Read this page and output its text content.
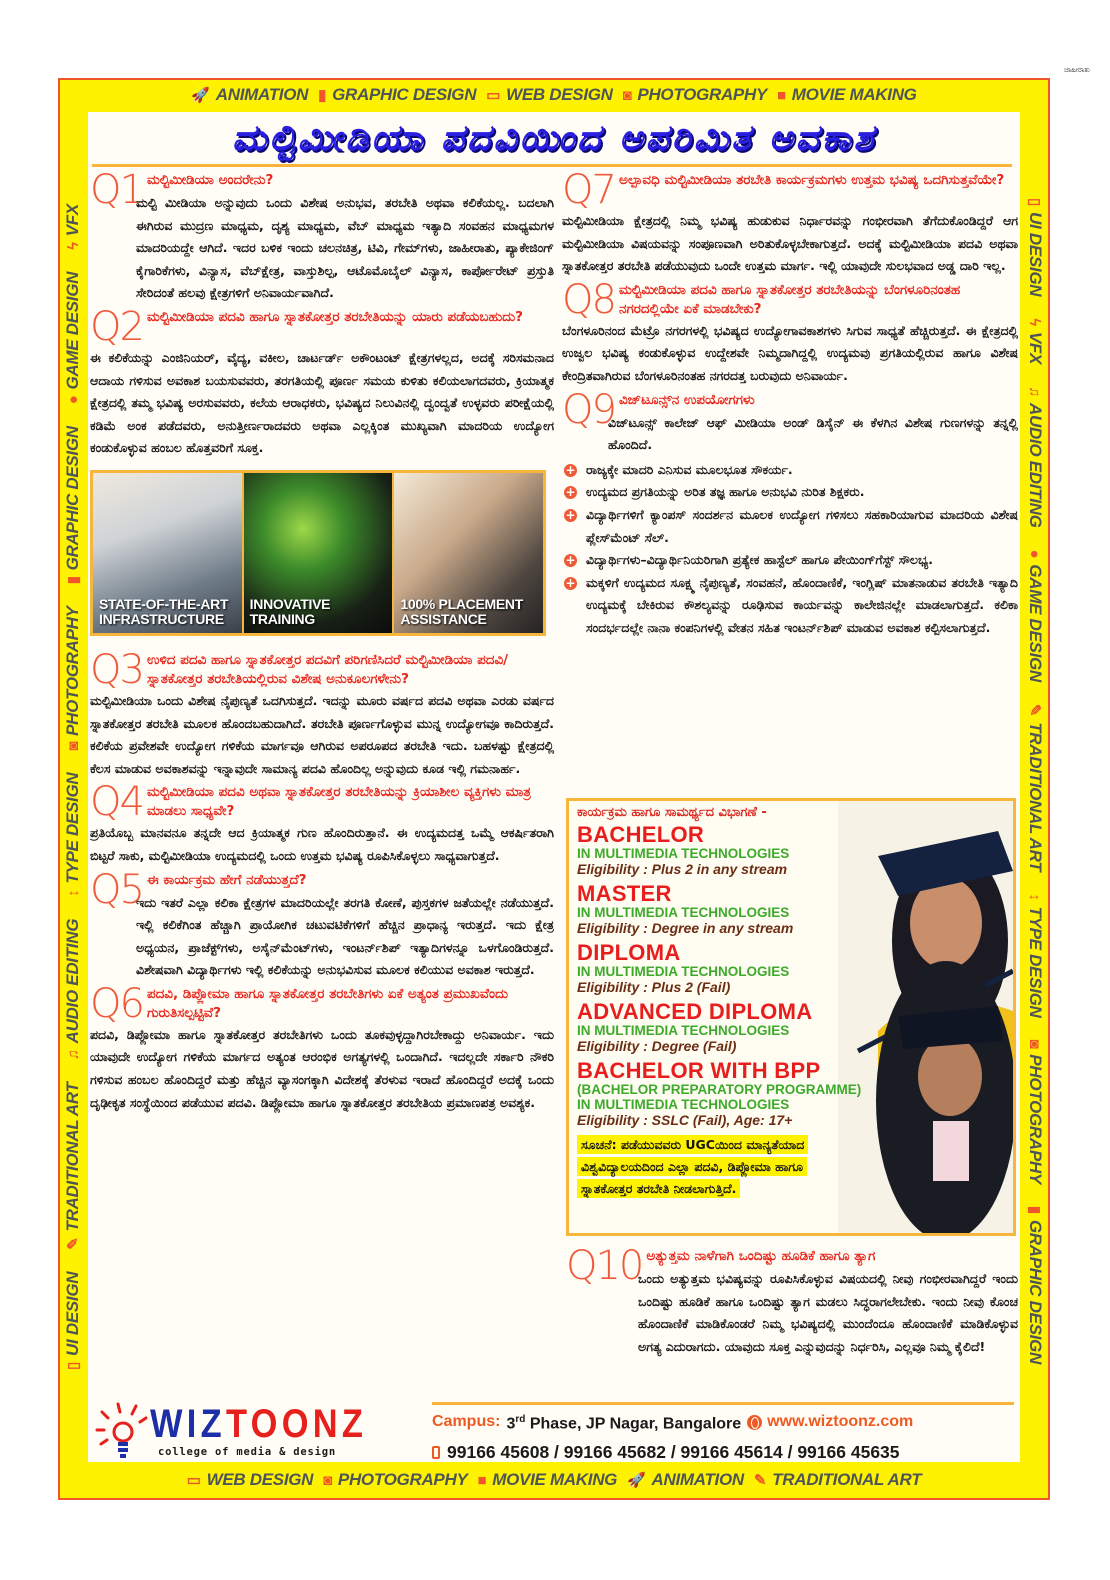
ಜಾಹೀರಾತು
🚀 ANIMATION ▮ GRAPHIC DESIGN ▭ WEB DESIGN ◙ PHOTOGRAPHY ■ MOVIE MAKING
▯
UI DESIGN
✎
TRADITIONAL ART
♫
AUDIO EDITING
↕
TYPE DESIGN
◙
PHOTOGRAPHY
▮
GRAPHIC DESIGN
●
GAME DESIGN
ϟ
VFX
▯
UI DESIGN
ϟ
VFX
♫
AUDIO EDITING
●
GAME DESIGN
✎
TRADITIONAL ART
↕
TYPE DESIGN
◙
PHOTOGRAPHY
▮
GRAPHIC DESIGN
▭ WEB DESIGN ◙ PHOTOGRAPHY ■ MOVIE MAKING 🚀 ANIMATION ✎ TRADITIONAL ART
ಮಲ್ಟಿಮೀಡಿಯಾ ಪದವಿಯಿಂದ ಅಪರಿಮಿತ ಅವಕಾಶ
Q1 ಮಲ್ಟಿಮೀಡಿಯಾ ಅಂದರೇನು?

ಮಲ್ಟಿ ಮೀಡಿಯಾ ಅನ್ನುವುದು ಒಂದು ವಿಶೇಷ ಅನುಭವ, ತರಬೇತಿ ಅಥವಾ ಕಲಿಕೆಯಲ್ಲ. ಬದಲಾಗಿ ಈಗಿರುವ ಮುದ್ರಣ ಮಾಧ್ಯಮ, ದೃಶ್ಯ ಮಾಧ್ಯಮ, ವೆಬ್ ಮಾಧ್ಯಮ ಇತ್ಯಾದಿ ಸಂವಹನ ಮಾಧ್ಯಮಗಳ ಮಾದರಿಯದ್ದೇ ಆಗಿದೆ. ಇದರ ಬಳಿಕ ಇಂದು ಚಲನಚಿತ್ರ, ಟಿವಿ, ಗೇಮ್‌ಗಳು, ಜಾಹೀರಾತು, ಪ್ಯಾಕೇಜಿಂಗ್ ಕೈಗಾರಿಕೆಗಳು, ವಿನ್ಯಾಸ, ವೆಬ್‌ಕ್ಷೇತ್ರ, ವಾಸ್ತುಶಿಲ್ಪ, ಆಟೊಮೊಬೈಲ್ ವಿನ್ಯಾಸ, ಕಾರ್ಪೋರೇಟ್ ಪ್ರಸ್ತುತಿ ಸೇರಿದಂತೆ ಹಲವು ಕ್ಷೇತ್ರಗಳಿಗೆ ಅನಿವಾರ್ಯವಾಗಿದೆ.

Q2 ಮಲ್ಟಿಮೀಡಿಯಾ ಪದವಿ ಹಾಗೂ ಸ್ನಾತಕೋತ್ತರ ತರಬೇತಿಯನ್ನು ಯಾರು ಪಡೆಯಬಹುದು?

ಈ ಕಲಿಕೆಯನ್ನು ಎಂಜಿನಿಯರ್, ವೈದ್ಯ, ವಕೀಲ, ಚಾರ್ಟರ್ಡ್ ಅಕೌಂಟಂಟ್ ಕ್ಷೇತ್ರಗಳಲ್ಲದ, ಅದಕ್ಕೆ ಸರಿಸಮನಾದ ಆದಾಯ ಗಳಿಸುವ ಅವಕಾಶ ಬಯಸುವವರು, ತರಗತಿಯಲ್ಲಿ ಪೂರ್ಣ ಸಮಯ ಕುಳಿತು ಕಲಿಯಲಾಗದವರು, ಕ್ರಿಯಾತ್ಮಕ ಕ್ಷೇತ್ರದಲ್ಲಿ ತಮ್ಮ ಭವಿಷ್ಯ ಅರಸುವವರು, ಕಲೆಯ ಆರಾಧಕರು, ಭವಿಷ್ಯದ ನಿಲುವಿನಲ್ಲಿ ದ್ವಂದ್ವತೆ ಉಳ್ಳವರು ಪರೀಕ್ಷೆಯಲ್ಲಿ ಕಡಿಮೆ ಅಂಕ ಪಡೆದವರು, ಅನುತ್ತೀರ್ಣರಾದವರು ಅಥವಾ ಎಲ್ಲಕ್ಕಿಂತ ಮುಖ್ಯವಾಗಿ ಮಾದರಿಯ ಉದ್ಯೋಗ ಕಂಡುಕೊಳ್ಳುವ ಹಂಬಲ ಹೊತ್ತವರಿಗೆ ಸೂಕ್ತ.

STATE-OF-THE-ART
INFRASTRUCTURE
INNOVATIVE
TRAINING
100% PLACEMENT
ASSISTANCE
Q3 ಉಳಿದ ಪದವಿ ಹಾಗೂ ಸ್ನಾತಕೋತ್ತರ ಪದವಿಗೆ ಪರಿಗಣಿಸಿದರೆ ಮಲ್ಟಿಮೀಡಿಯಾ ಪದವಿ/ಸ್ನಾತಕೋತ್ತರ ತರಬೇತಿಯಲ್ಲಿರುವ ವಿಶೇಷ ಅನುಕೂಲಗಳೇನು?

ಮಲ್ಟಿಮೀಡಿಯಾ ಒಂದು ವಿಶೇಷ ನೈಪುಣ್ಯತೆ ಒದಗಿಸುತ್ತದೆ. ಇದನ್ನು ಮೂರು ವರ್ಷದ ಪದವಿ ಅಥವಾ ಎರಡು ವರ್ಷದ ಸ್ನಾತಕೋತ್ತರ ತರಬೇತಿ ಮೂಲಕ ಹೊಂದಬಹುದಾಗಿದೆ. ತರಬೇತಿ ಪೂರ್ಣಗೊಳ್ಳುವ ಮುನ್ನ ಉದ್ಯೋಗವೂ ಕಾದಿರುತ್ತದೆ. ಕಲಿಕೆಯ ಪ್ರವೇಶವೇ ಉದ್ಯೋಗ ಗಳಿಕೆಯ ಮಾರ್ಗವೂ ಆಗಿರುವ ಅಪರೂಪದ ತರಬೇತಿ ಇದು. ಬಹಳಷ್ಟು ಕ್ಷೇತ್ರದಲ್ಲಿ ಕೆಲಸ ಮಾಡುವ ಅವಕಾಶವನ್ನು ಇನ್ನಾವುದೇ ಸಾಮಾನ್ಯ ಪದವಿ ಹೊಂದಿಲ್ಲ ಅನ್ನುವುದು ಕೂಡ ಇಲ್ಲಿ ಗಮನಾರ್ಹ.

Q4 ಮಲ್ಟಿಮೀಡಿಯಾ ಪದವಿ ಅಥವಾ ಸ್ನಾತಕೋತ್ತರ ತರಬೇತಿಯನ್ನು ಕ್ರಿಯಾಶೀಲ ವ್ಯಕ್ತಿಗಳು ಮಾತ್ರ ಮಾಡಲು ಸಾಧ್ಯವೇ?

ಪ್ರತಿಯೊಬ್ಬ ಮಾನವನೂ ತನ್ನದೇ ಆದ ಕ್ರಿಯಾತ್ಮಕ ಗುಣ ಹೊಂದಿರುತ್ತಾನೆ. ಈ ಉದ್ಯಮದತ್ತ ಒಮ್ಮೆ ಆಕರ್ಷಿತರಾಗಿ ಬಿಟ್ಟರೆ ಸಾಕು, ಮಲ್ಟಿಮೀಡಿಯಾ ಉದ್ಯಮದಲ್ಲಿ ಒಂದು ಉತ್ತಮ ಭವಿಷ್ಯ ರೂಪಿಸಿಕೊಳ್ಳಲು ಸಾಧ್ಯವಾಗುತ್ತದೆ.

Q5 ಈ ಕಾರ್ಯಕ್ರಮ ಹೇಗೆ ನಡೆಯುತ್ತದೆ?

ಇದು ಇತರೆ ಎಲ್ಲಾ ಕಲಿಕಾ ಕ್ಷೇತ್ರಗಳ ಮಾದರಿಯಲ್ಲೇ ತರಗತಿ ಕೋಣೆ, ಪುಸ್ತಕಗಳ ಜತೆಯಲ್ಲೇ ನಡೆಯುತ್ತದೆ. ಇಲ್ಲಿ ಕಲಿಕೆಗಿಂತ ಹೆಚ್ಚಾಗಿ ಪ್ರಾಯೋಗಿಕ ಚಟುವಟಿಕೆಗಳಿಗೆ ಹೆಚ್ಚಿನ ಪ್ರಾಧಾನ್ಯ ಇರುತ್ತದೆ. ಇದು ಕ್ಷೇತ್ರ ಅಧ್ಯಯನ, ಪ್ರಾಜೆಕ್ಟ್‌ಗಳು, ಅಸೈನ್‌ಮೆಂಟ್‌ಗಳು, ಇಂಟರ್ನ್‌ಶಿಪ್ ಇತ್ಯಾದಿಗಳನ್ನೂ ಒಳಗೊಂಡಿರುತ್ತದೆ. ವಿಶೇಷವಾಗಿ ವಿದ್ಯಾರ್ಥಿಗಳು ಇಲ್ಲಿ ಕಲಿಕೆಯನ್ನು ಅನುಭವಿಸುವ ಮೂಲಕ ಕಲಿಯುವ ಅವಕಾಶ ಇರುತ್ತದೆ.

Q6 ಪದವಿ, ಡಿಪ್ಲೋಮಾ ಹಾಗೂ ಸ್ನಾತಕೋತ್ತರ ತರಬೇತಿಗಳು ಏಕೆ ಅತ್ಯಂತ ಪ್ರಮುಖವೆಂದು ಗುರುತಿಸಲ್ಪಟ್ಟಿವೆ?

ಪದವಿ, ಡಿಪ್ಲೋಮಾ ಹಾಗೂ ಸ್ನಾತಕೋತ್ತರ ತರಬೇತಿಗಳು ಒಂದು ತೂಕವುಳ್ಳದ್ದಾಗಿರಬೇಕಾದ್ದು ಅನಿವಾರ್ಯ. ಇದು ಯಾವುದೇ ಉದ್ಯೋಗ ಗಳಿಕೆಯ ಮಾರ್ಗದ ಅತ್ಯಂತ ಆರಂಭಿಕ ಅಗತ್ಯಗಳಲ್ಲಿ ಒಂದಾಗಿದೆ. ಇದಲ್ಲದೇ ಸರ್ಕಾರಿ ನೌಕರಿ ಗಳಿಸುವ ಹಂಬಲ ಹೊಂದಿದ್ದರೆ ಮತ್ತು ಹೆಚ್ಚಿನ ವ್ಯಾಸಂಗಕ್ಕಾಗಿ ವಿದೇಶಕ್ಕೆ ತೆರಳುವ ಇರಾದೆ ಹೊಂದಿದ್ದರೆ ಅದಕ್ಕೆ ಒಂದು ದೃಢೀಕೃತ ಸಂಸ್ಥೆಯಿಂದ ಪಡೆಯುವ ಪದವಿ. ಡಿಪ್ಲೋಮಾ ಹಾಗೂ ಸ್ನಾತಕೋತ್ತರ ತರಬೇತಿಯ ಪ್ರಮಾಣಪತ್ರ ಅವಶ್ಯಕ.

Q7 ಅಲ್ಪಾವಧಿ ಮಲ್ಟಿಮೀಡಿಯಾ ತರಬೇತಿ ಕಾರ್ಯಕ್ರಮಗಳು ಉತ್ತಮ ಭವಿಷ್ಯ ಒದಗಿಸುತ್ತವೆಯೇ?

ಮಲ್ಟಿಮೀಡಿಯಾ ಕ್ಷೇತ್ರದಲ್ಲಿ ನಿಮ್ಮ ಭವಿಷ್ಯ ಹುಡುಕುವ ನಿರ್ಧಾರವನ್ನು ಗಂಭೀರವಾಗಿ ತೆಗೆದುಕೊಂಡಿದ್ದರೆ ಆಗ ಮಲ್ಟಿಮೀಡಿಯಾ ವಿಷಯವನ್ನು ಸಂಪೂಣವಾಗಿ ಅರಿತುಕೊಳ್ಳಬೇಕಾಗುತ್ತದೆ. ಅದಕ್ಕೆ ಮಲ್ಟಿಮೀಡಿಯಾ ಪದವಿ ಅಥವಾ ಸ್ನಾತಕೋತ್ತರ ತರಬೇತಿ ಪಡೆಯುವುದು ಒಂದೇ ಉತ್ತಮ ಮಾರ್ಗ. ಇಲ್ಲಿ ಯಾವುದೇ ಸುಲಭವಾದ ಅಡ್ಡ ದಾರಿ ಇಲ್ಲ.

Q8 ಮಲ್ಟಿಮೀಡಿಯಾ ಪದವಿ ಹಾಗೂ ಸ್ನಾತಕೋತ್ತರ ತರಬೇತಿಯನ್ನು ಬೆಂಗಳೂರಿನಂತಹ ನಗರದಲ್ಲಿಯೇ ಏಕೆ ಮಾಡಬೇಕು?

ಬೆಂಗಳೂರಿನಂದ ಮೆಟ್ರೊ ನಗರಗಳಲ್ಲಿ ಭವಿಷ್ಯದ ಉದ್ಯೋಗಾವಕಾಶಗಳು ಸಿಗುವ ಸಾಧ್ಯತೆ ಹೆಚ್ಚಿರುತ್ತದೆ. ಈ ಕ್ಷೇತ್ರದಲ್ಲಿ ಉಜ್ವಲ ಭವಿಷ್ಯ ಕಂಡುಕೊಳ್ಳುವ ಉದ್ದೇಶವೇ ನಿಮ್ಮದಾಗಿದ್ದಲ್ಲಿ ಉದ್ಯಮವು ಪ್ರಗತಿಯಲ್ಲಿರುವ ಹಾಗೂ ವಿಶೇಷ ಕೇಂದ್ರಿತವಾಗಿರುವ ಬೆಂಗಳೂರಿನಂತಹ ನಗರದತ್ತ ಬರುವುದು ಅನಿವಾರ್ಯ.

Q9 ವಿಜ್‌ಟೂನ್ಸ್‌ನ ಉಪಯೋಗಗಳು

ವಿಜ್‌ಟೂನ್ಸ್ ಕಾಲೇಜ್ ಆಫ್ ಮೀಡಿಯಾ ಅಂಡ್ ಡಿಸೈನ್ ಈ ಕೆಳಗಿನ ವಿಶೇಷ ಗುಣಗಳನ್ನು ತನ್ನಲ್ಲಿ ಹೊಂದಿದೆ.

+ ರಾಜ್ಯಕ್ಕೇ ಮಾದರಿ ಎನಿಸುವ ಮೂಲಭೂತ ಸೌಕರ್ಯ.
+ ಉದ್ಯಮದ ಪ್ರಗತಿಯನ್ನು ಅರಿತ ತಜ್ಞ ಹಾಗೂ ಅನುಭವಿ ನುರಿತ ಶಿಕ್ಷಕರು.
+ ವಿದ್ಯಾರ್ಥಿಗಳಿಗೆ ಕ್ಯಾಂಪಸ್ ಸಂದರ್ಶನ ಮೂಲಕ ಉದ್ಯೋಗ ಗಳಿಸಲು ಸಹಕಾರಿಯಾಗುವ ಮಾದರಿಯ ವಿಶೇಷ ಪ್ಲೇಸ್‌ಮೆಂಟ್ ಸೆಲ್.
+ ವಿದ್ಯಾರ್ಥಿಗಳು–ವಿದ್ಯಾರ್ಥಿನಿಯರಿಗಾಗಿ ಪ್ರತ್ಯೇಕ ಹಾಸ್ಟೆಲ್ ಹಾಗೂ ಪೇಯಿಂಗ್‌ಗೆಸ್ಟ್ ಸೌಲಭ್ಯ.
+ ಮಕ್ಕಳಿಗೆ ಉದ್ಯಮದ ಸೂಕ್ಷ್ಮ ನೈಪುಣ್ಯತೆ, ಸಂವಹನೆ, ಹೊಂದಾಣಿಕೆ, ಇಂಗ್ಲಿಷ್ ಮಾತನಾಡುವ ತರಬೇತಿ ಇತ್ಯಾದಿ ಉದ್ಯಮಕ್ಕೆ ಬೇಕಿರುವ ಕೌಶಲ್ಯವನ್ನು ರೂಢಿಸುವ ಕಾರ್ಯವನ್ನು ಕಾಲೇಜಿನಲ್ಲೇ ಮಾಡಲಾಗುತ್ತದೆ. ಕಲಿಕಾ ಸಂದರ್ಭದಲ್ಲೇ ನಾನಾ ಕಂಪನಿಗಳಲ್ಲಿ ವೇತನ ಸಹಿತ ಇಂಟರ್ನ್‌ಶಿಪ್ ಮಾಡುವ ಅವಕಾಶ ಕಲ್ಪಿಸಲಾಗುತ್ತದೆ.
ಕಾರ್ಯಕ್ರಮ ಹಾಗೂ ಸಾಮರ್ಥ್ಯದ ವಿಭಾಗಣೆ -
BACHELOR
IN MULTIMEDIA TECHNOLOGIES
Eligibility : Plus 2 in any stream
MASTER
IN MULTIMEDIA TECHNOLOGIES
Eligibility : Degree in any stream
DIPLOMA
IN MULTIMEDIA TECHNOLOGIES
Eligibility : Plus 2 (Fail)
ADVANCED DIPLOMA
IN MULTIMEDIA TECHNOLOGIES
Eligibility : Degree (Fail)
BACHELOR WITH BPP
(BACHELOR PREPARATORY PROGRAMME)
IN MULTIMEDIA TECHNOLOGIES
Eligibility : SSLC (Fail), Age: 17+
ಸೂಚನೆ: ಪಡೆಯುವವರು UGCಯಿಂದ ಮಾನ್ಯತೆಯಾದ
ವಿಶ್ವವಿದ್ಯಾಲಯದಿಂದ ಎಲ್ಲಾ ಪದವಿ, ಡಿಪ್ಲೋಮಾ ಹಾಗೂ
ಸ್ನಾತಕೋತ್ತರ ತರಬೇತಿ ನೀಡಲಾಗುತ್ತಿದೆ.
Q10 ಅತ್ಯುತ್ತಮ ನಾಳೆಗಾಗಿ ಒಂದಿಷ್ಟು ಹೂಡಿಕೆ ಹಾಗೂ ತ್ಯಾಗ

ಒಂದು ಅತ್ಯುತ್ತಮ ಭವಿಷ್ಯವನ್ನು ರೂಪಿಸಿಕೊಳ್ಳುವ ವಿಷಯದಲ್ಲಿ ನೀವು ಗಂಭೀರವಾಗಿದ್ದರೆ ಇಂದು ಒಂದಿಷ್ಟು ಹೂಡಿಕೆ ಹಾಗೂ ಒಂದಿಷ್ಟು ತ್ಯಾಗ ಮಡಲು ಸಿದ್ಧರಾಗಲೇಬೇಕು. ಇಂದು ನೀವು ಕೊಂಚ ಹೊಂದಾಣಿಕೆ ಮಾಡಿಕೊಂಡರೆ ನಿಮ್ಮ ಭವಿಷ್ಯದಲ್ಲಿ ಮುಂದೆಂದೂ ಹೊಂದಾಣಿಕೆ ಮಾಡಿಕೊಳ್ಳುವ ಅಗತ್ಯ ಎದುರಾಗದು. ಯಾವುದು ಸೂಕ್ತ ಎನ್ನುವುದನ್ನು ನಿರ್ಧರಿಸಿ, ಎಲ್ಲವೂ ನಿಮ್ಮ ಕೈಲಿದೆ!

WIZTOONZ
college of media & design
Campus: 3rd Phase, JP Nagar, Bangalore www.wiztoonz.com
99166 45608 / 99166 45682 / 99166 45614 / 99166 45635
